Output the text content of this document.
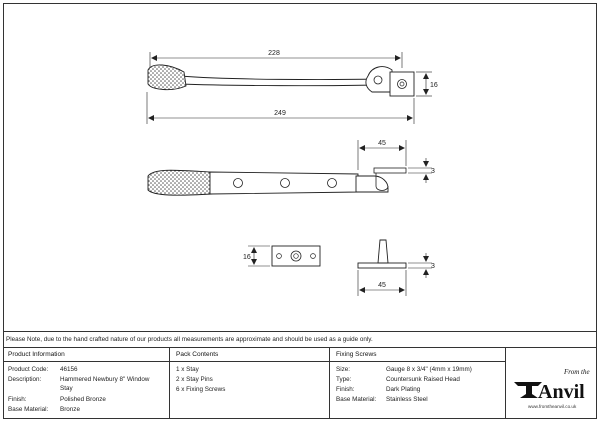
228
249
16
45
3
16
3
45
Please Note, due to the hand crafted nature of our products all measurements are approximate and should be used as a guide only.
Product Information	Pack Contents	Fixing Screws
Product Code: 46156
Description:	Hammered Newbury 8" Window
Stay
Finish:	Polished Bronze
Base Material: Bronze
1 x Stay
2 x Stay Pins
6 x Fixing Screws
Size:	Gauge 8 x 3/4" (4mm x 19mm)
Type:	Countersunk Raised Head
Finish:	Dark Plating
Base Material: Stainless Steel
From the
Anvil
www.fromtheanvil.co.uk
